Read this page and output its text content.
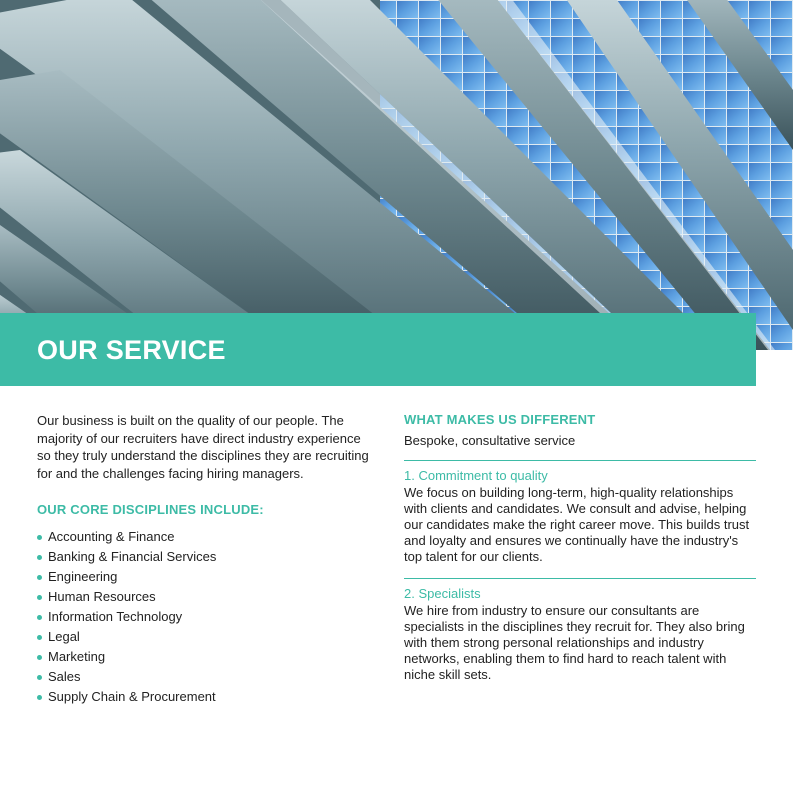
OUR SERVICE

Our business is built on the quality of our people. The majority of our recruiters have direct industry experience so they truly understand the disciplines they are recruiting for and the challenges facing hiring managers.

OUR CORE DISCIPLINES INCLUDE:
Accounting & Finance
Banking & Financial Services
Engineering
Human Resources
Information Technology
Legal
Marketing
Sales
Supply Chain & Procurement
WHAT MAKES US DIFFERENT

Bespoke, consultative service

1. Commitment to quality

We focus on building long-term, high-quality relationships with clients and candidates. We consult and advise, helping our candidates make the right career move. This builds trust and loyalty and ensures we continually have the industry's top talent for our clients.

2. Specialists

We hire from industry to ensure our consultants are specialists in the disciplines they recruit for. They also bring with them strong personal relationships and industry networks, enabling them to find hard to reach talent with niche skill sets.
